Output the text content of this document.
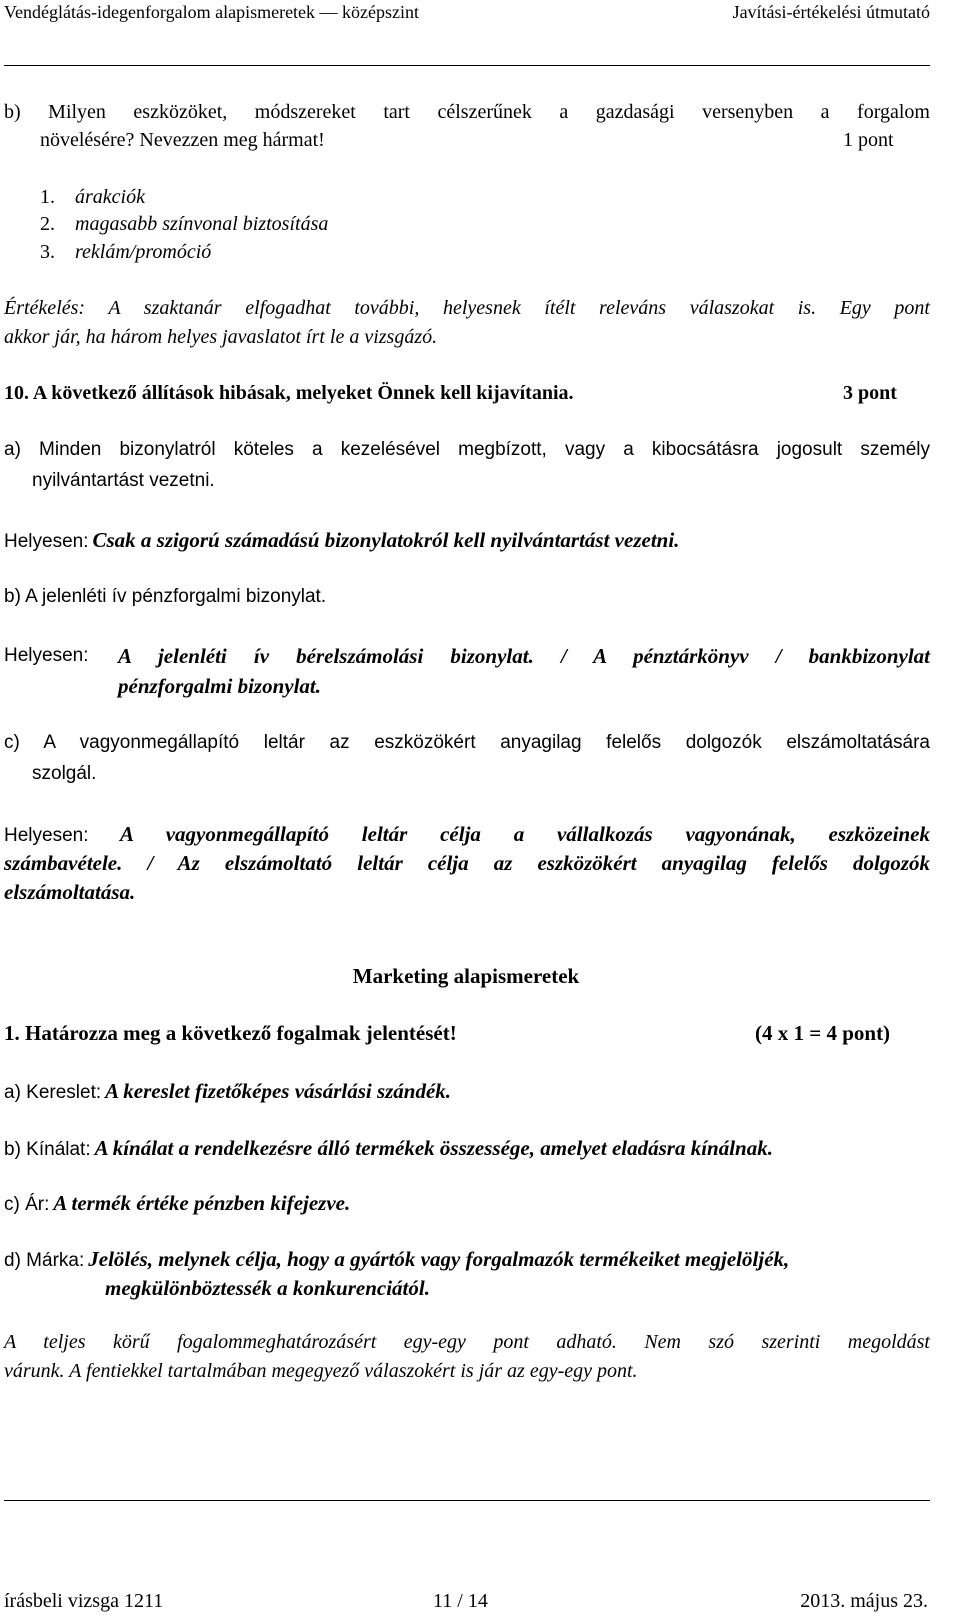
Vendéglátás-idegenforgalom alapismeretek — középszint	Javítási-értékelési útmutató
b) Milyen eszközöket, módszereket tart célszerűnek a gazdasági versenyben a forgalom
növelésére? Nevezzen meg hármat!	1 pont
1. árakciók
2. magasabb színvonal biztosítása
3. reklám/promóció
Értékelés: A szaktanár elfogadhat további, helyesnek ítélt releváns válaszokat is. Egy pont
akkor jár, ha három helyes javaslatot írt le a vizsgázó.
10. A következő állítások hibásak, melyeket Önnek kell kijavítania.	3 pont
a) Minden bizonylatról köteles a kezelésével megbízott, vagy a kibocsátásra jogosult személy
nyilvántartást vezetni.
Helyesen: Csak a szigorú számadású bizonylatokról kell nyilvántartást vezetni.
b) A jelenléti ív pénzforgalmi bizonylat.
Helyesen: A jelenléti ív bérelszámolási bizonylat. / A pénztárkönyv / bankbizonylat
pénzforgalmi bizonylat.
c) A vagyonmegállapító leltár az eszközökért anyagilag felelős dolgozók elszámoltatására
szolgál.
Helyesen: A vagyonmegállapító leltár célja a vállalkozás vagyonának, eszközeinek
számbavétele. / Az elszámoltató leltár célja az eszközökért anyagilag felelős dolgozók
elszámoltatása.
Marketing alapismeretek
1. Határozza meg a következő fogalmak jelentését!	(4 x 1 = 4 pont)
a) Kereslet: A kereslet fizetőképes vásárlási szándék.
b) Kínálat: A kínálat a rendelkezésre álló termékek összessége, amelyet eladásra kínálnak.
c) Ár: A termék értéke pénzben kifejezve.
d) Márka: Jelölés, melynek célja, hogy a gyártók vagy forgalmazók termékeiket megjelöljék,
megkülönböztessék a konkurenciától.
A teljes körű fogalommeghatározásért egy-egy pont adható. Nem szó szerinti megoldást
várunk. A fentiekkel tartalmában megegyező válaszokért is jár az egy-egy pont.
írásbeli vizsga 1211	11 / 14	2013. május 23.
